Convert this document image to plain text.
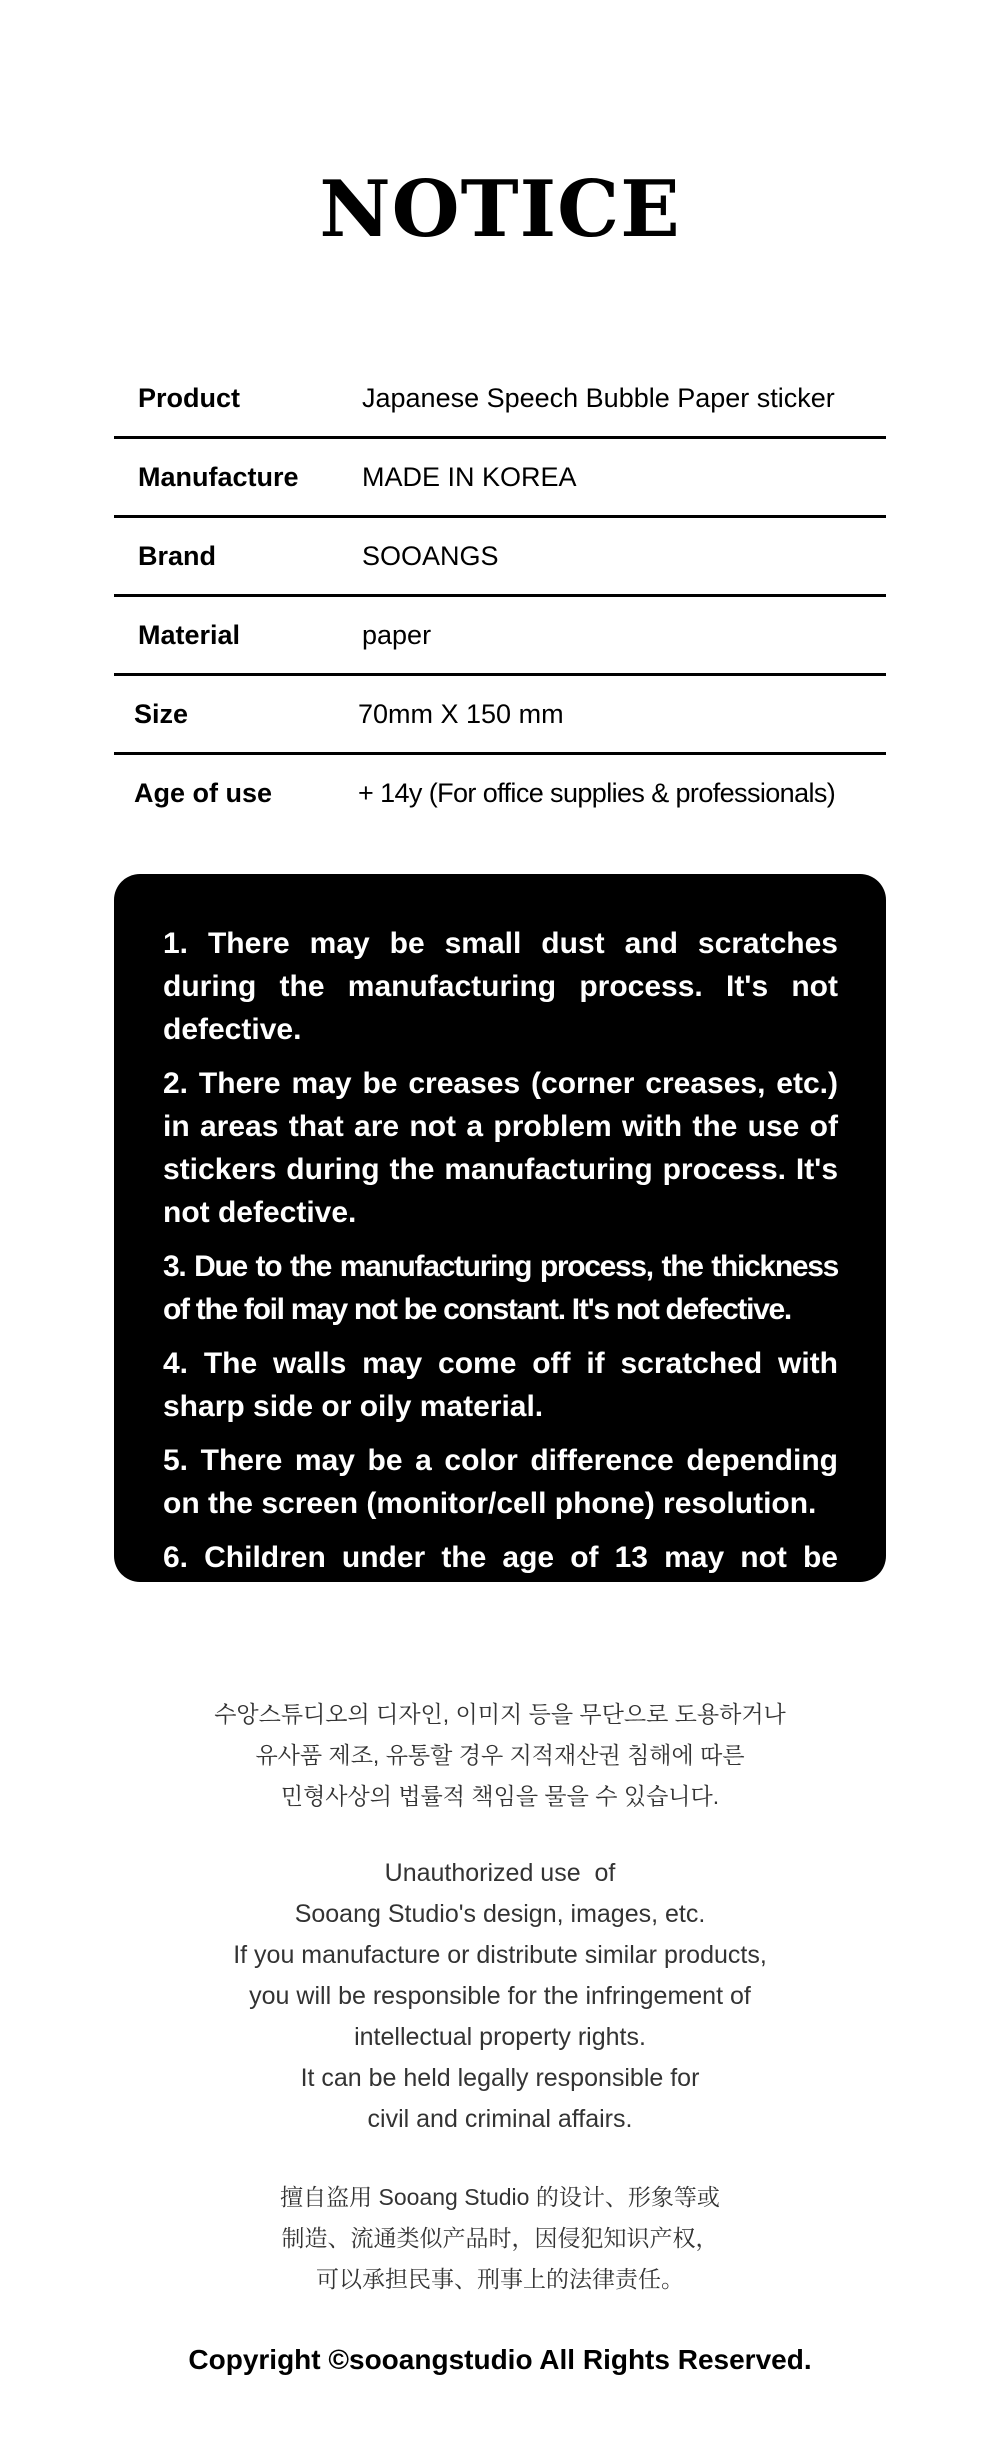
NOTICE
Product	Japanese Speech Bubble Paper sticker
Manufacture	MADE IN KOREA
Brand	SOOANGS
Material	paper
Size	70mm X 150 mm
Age of use	+ 14y (For office supplies & professionals)
1. There may be small dust and scratches during the manufacturing process. It's not defective.
2. There may be creases (corner creases, etc.) in areas that are not a problem with the use of stickers during the manufacturing process. It's not defective.
3. Due to the manufacturing process, the thickness of the foil may not be constant. It's not defective.
4. The walls may come off if scratched with sharp side or oily material.
5. There may be a color difference depending on the screen (monitor/cell phone) resolution.
6. Children under the age of 13 may not be used.
수앙스튜디오의 디자인, 이미지 등을 무단으로 도용하거나
유사품 제조, 유통할 경우 지적재산권 침해에 따른
민형사상의 법률적 책임을 물을 수 있습니다.
Unauthorized use  of
Sooang Studio's design, images, etc.
If you manufacture or distribute similar products,
you will be responsible for the infringement of
intellectual property rights.
It can be held legally responsible for
civil and criminal affairs.
擅自盗用 Sooang Studio 的设计、形象等或
制造、流通类似产品时，因侵犯知识产权，
可以承担民事、刑事上的法律责任。
Copyright ©sooangstudio All Rights Reserved.
